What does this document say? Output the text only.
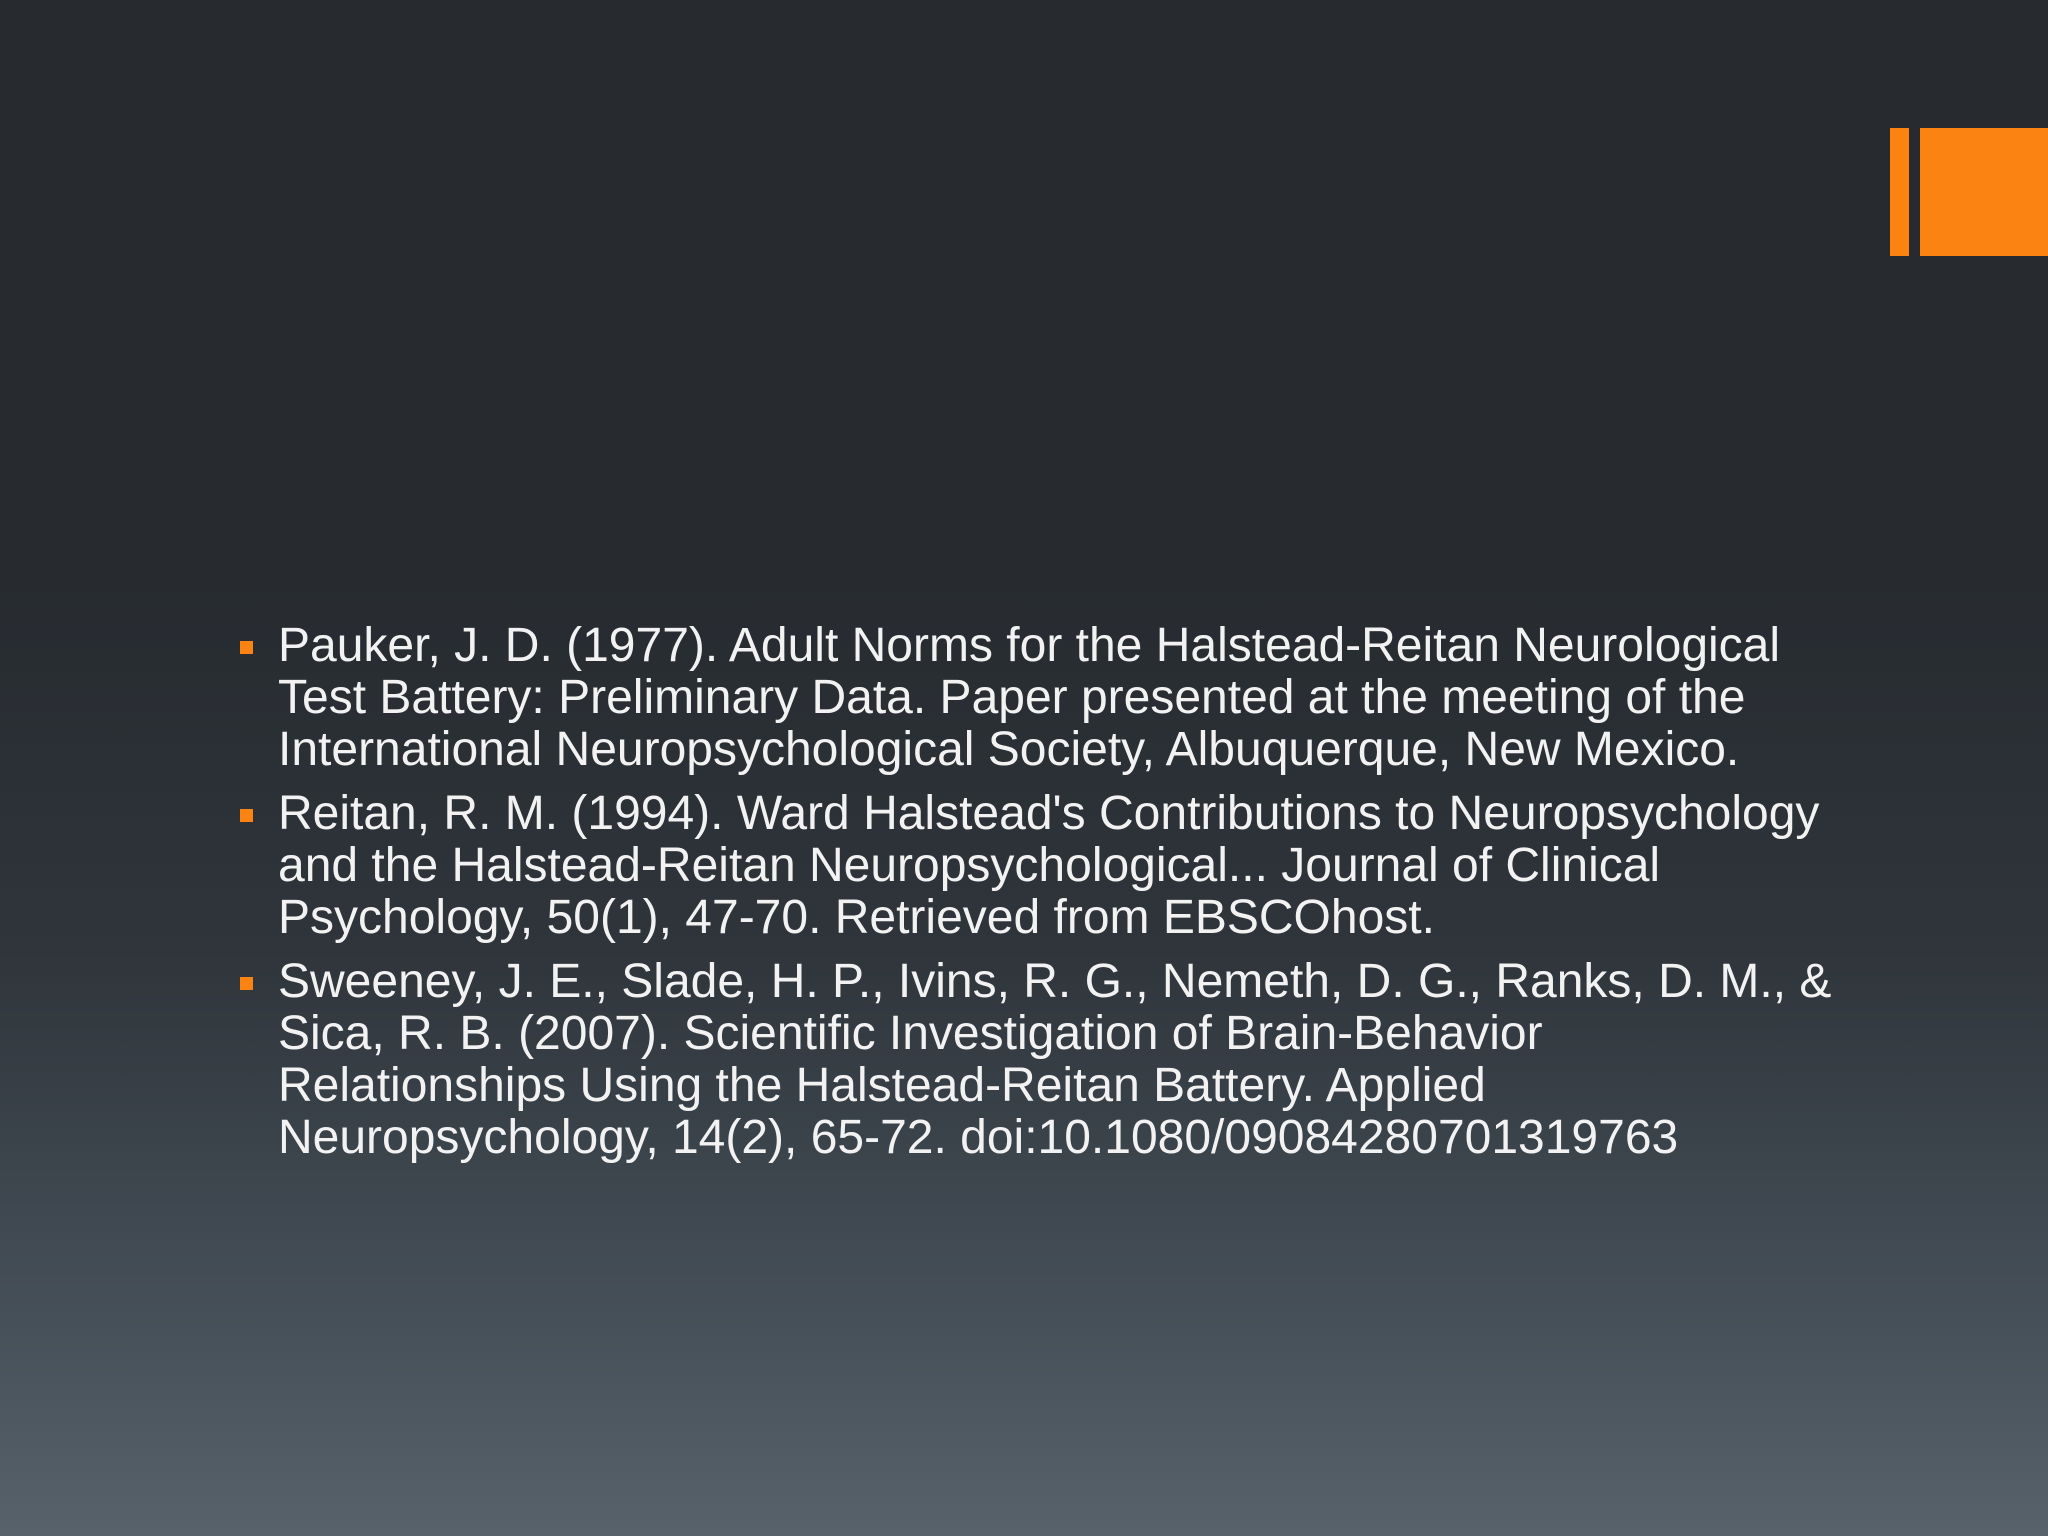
Pauker, J. D. (1977). Adult Norms for the Halstead-Reitan Neurological Test Battery: Preliminary Data. Paper presented at the meeting of the International Neuropsychological Society, Albuquerque, New Mexico.
Reitan, R. M. (1994). Ward Halstead's Contributions to Neuropsychology and the Halstead-Reitan Neuropsychological... Journal of Clinical Psychology, 50(1), 47-70. Retrieved from EBSCOhost.
Sweeney, J. E., Slade, H. P., Ivins, R. G., Nemeth, D. G., Ranks, D. M., & Sica, R. B. (2007). Scientific Investigation of Brain-Behavior Relationships Using the Halstead-Reitan Battery. Applied Neuropsychology, 14(2), 65-72. doi:10.1080/09084280701319763
